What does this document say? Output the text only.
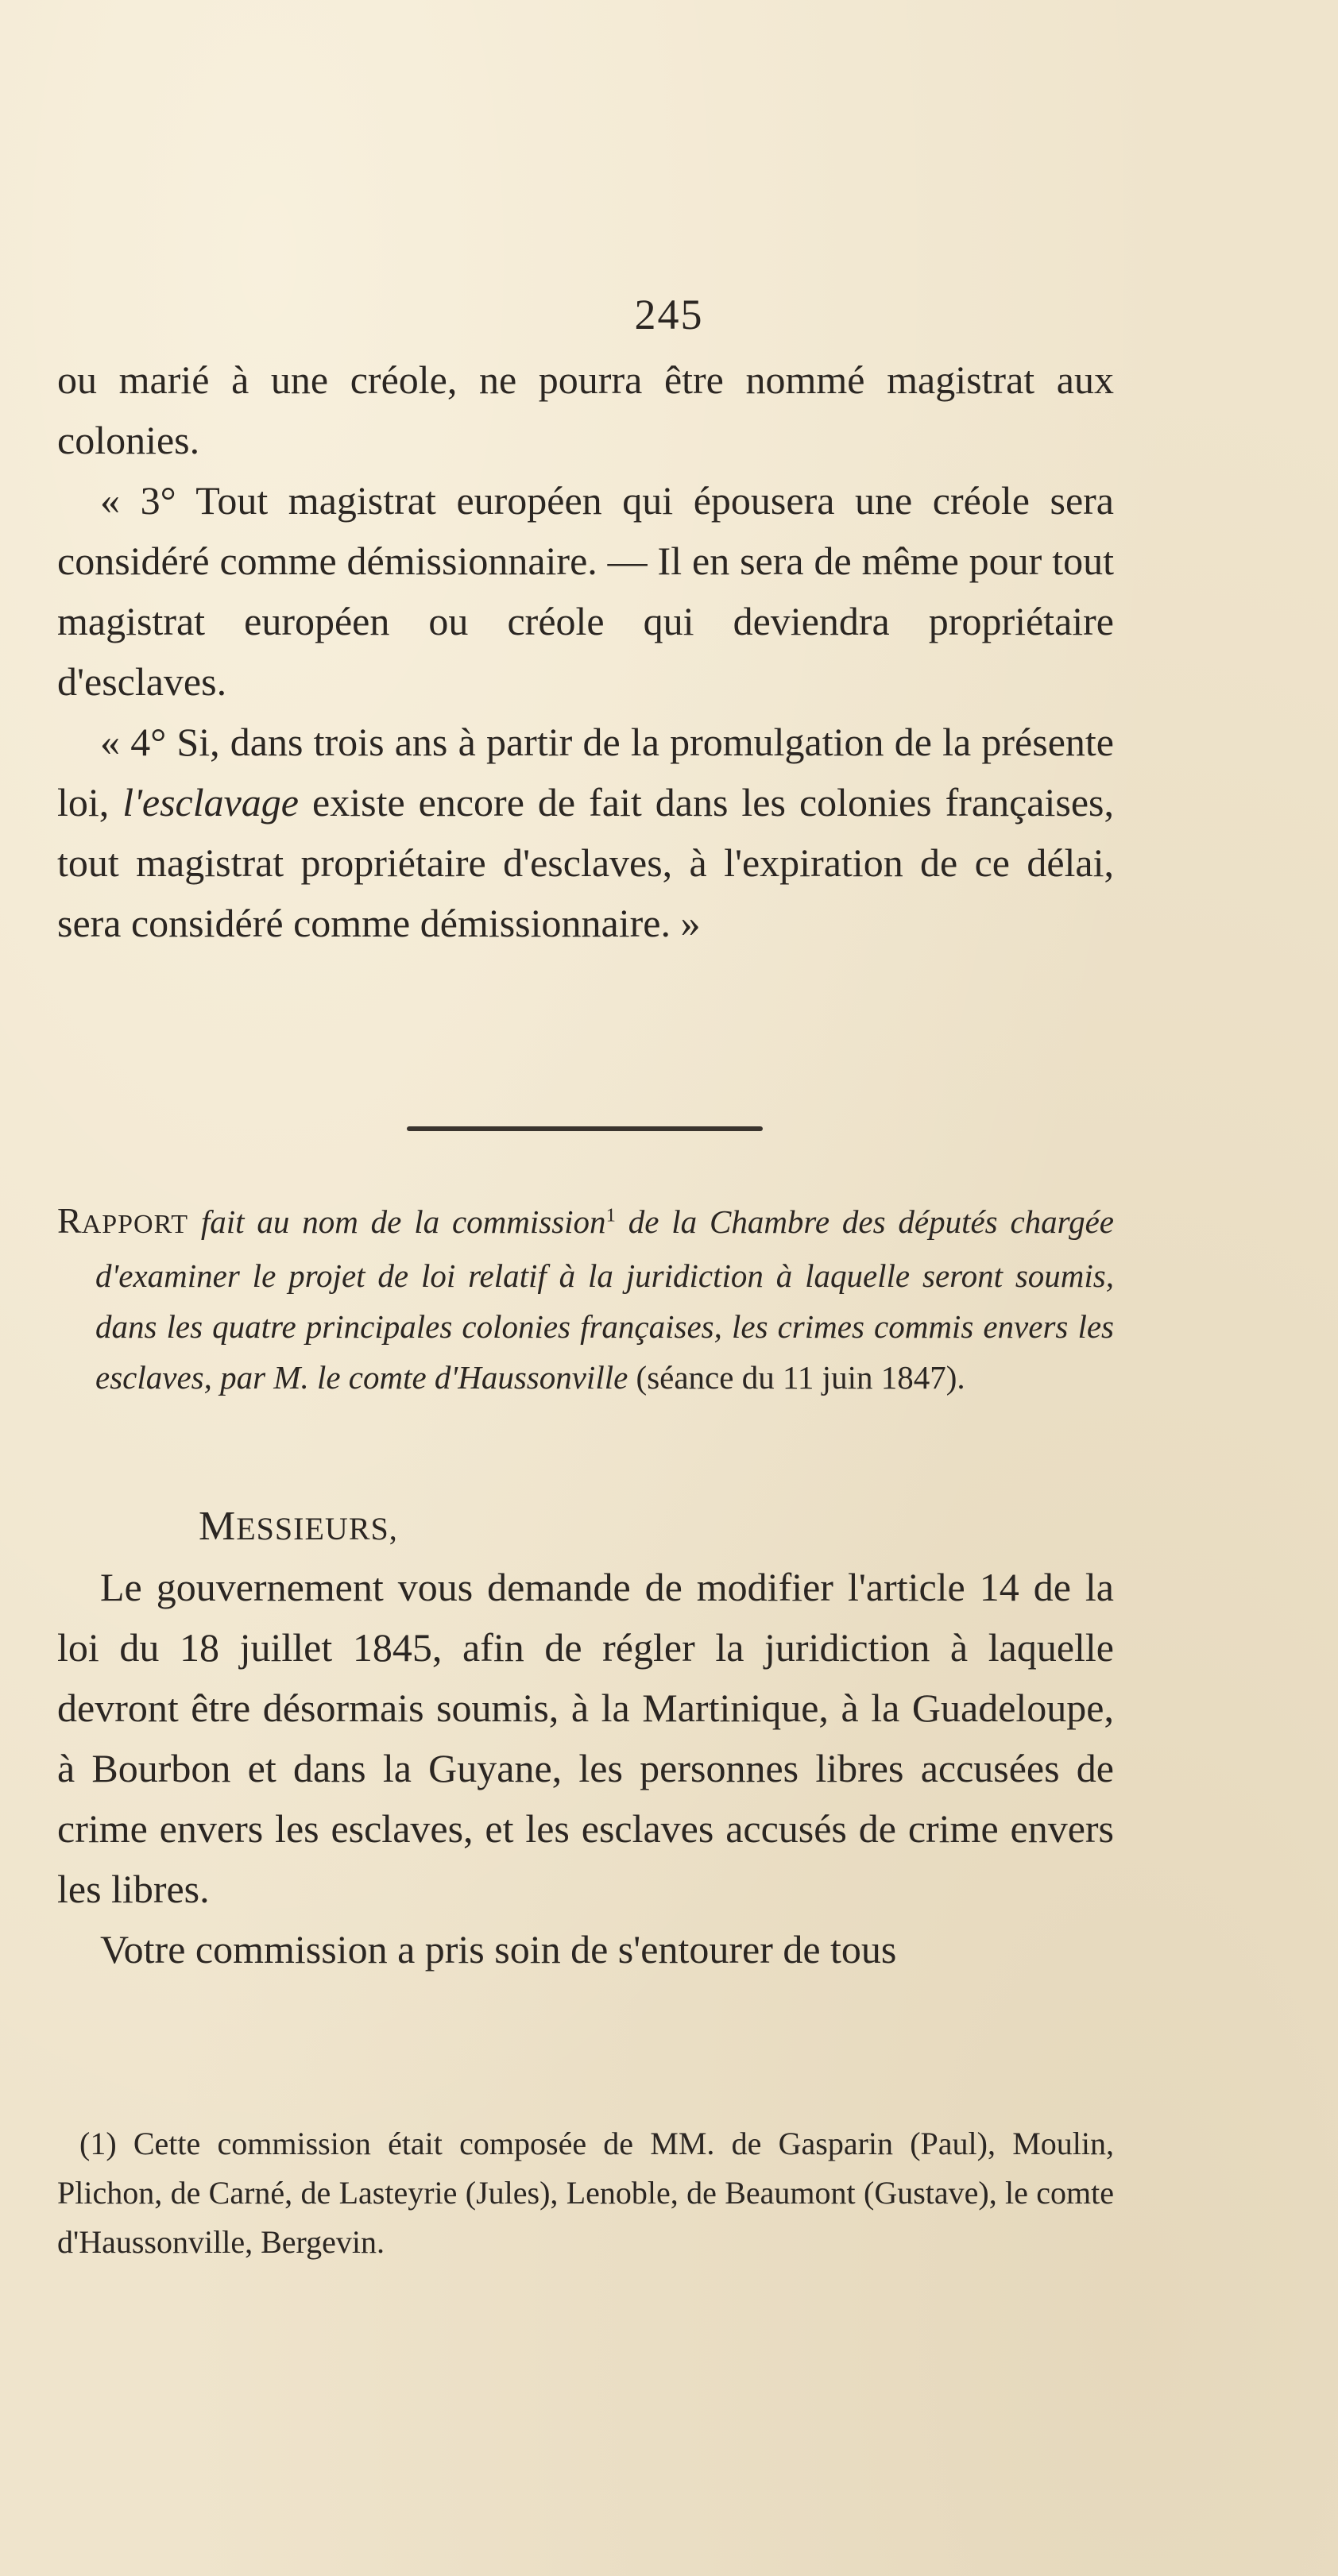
245

ou marié à une créole, ne pourra être nommé magistrat aux colonies.

« 3° Tout magistrat européen qui épousera une créole sera considéré comme démissionnaire. — Il en sera de même pour tout magistrat européen ou créole qui deviendra propriétaire d'esclaves.

« 4° Si, dans trois ans à partir de la promulgation de la présente loi, l'esclavage existe encore de fait dans les colonies françaises, tout magistrat propriétaire d'esclaves, à l'expiration de ce délai, sera considéré comme démissionnaire. »

RAPPORT fait au nom de la commission$^1$ de la Chambre des députés chargée d'examiner le projet de loi relatif à la juridiction à laquelle seront soumis, dans les quatre principales colonies françaises, les crimes commis envers les esclaves, par M. le comte d'Haussonville (séance du 11 juin 1847).

MESSIEURS,

Le gouvernement vous demande de modifier l'article 14 de la loi du 18 juillet 1845, afin de régler la juridiction à laquelle devront être désormais soumis, à la Martinique, à la Guadeloupe, à Bourbon et dans la Guyane, les personnes libres accusées de crime envers les esclaves, et les esclaves accusés de crime envers les libres.

Votre commission a pris soin de s'entourer de tous

(1) Cette commission était composée de MM. de Gasparin (Paul), Moulin, Plichon, de Carné, de Lasteyrie (Jules), Lenoble, de Beaumont (Gustave), le comte d'Haussonville, Bergevin.
